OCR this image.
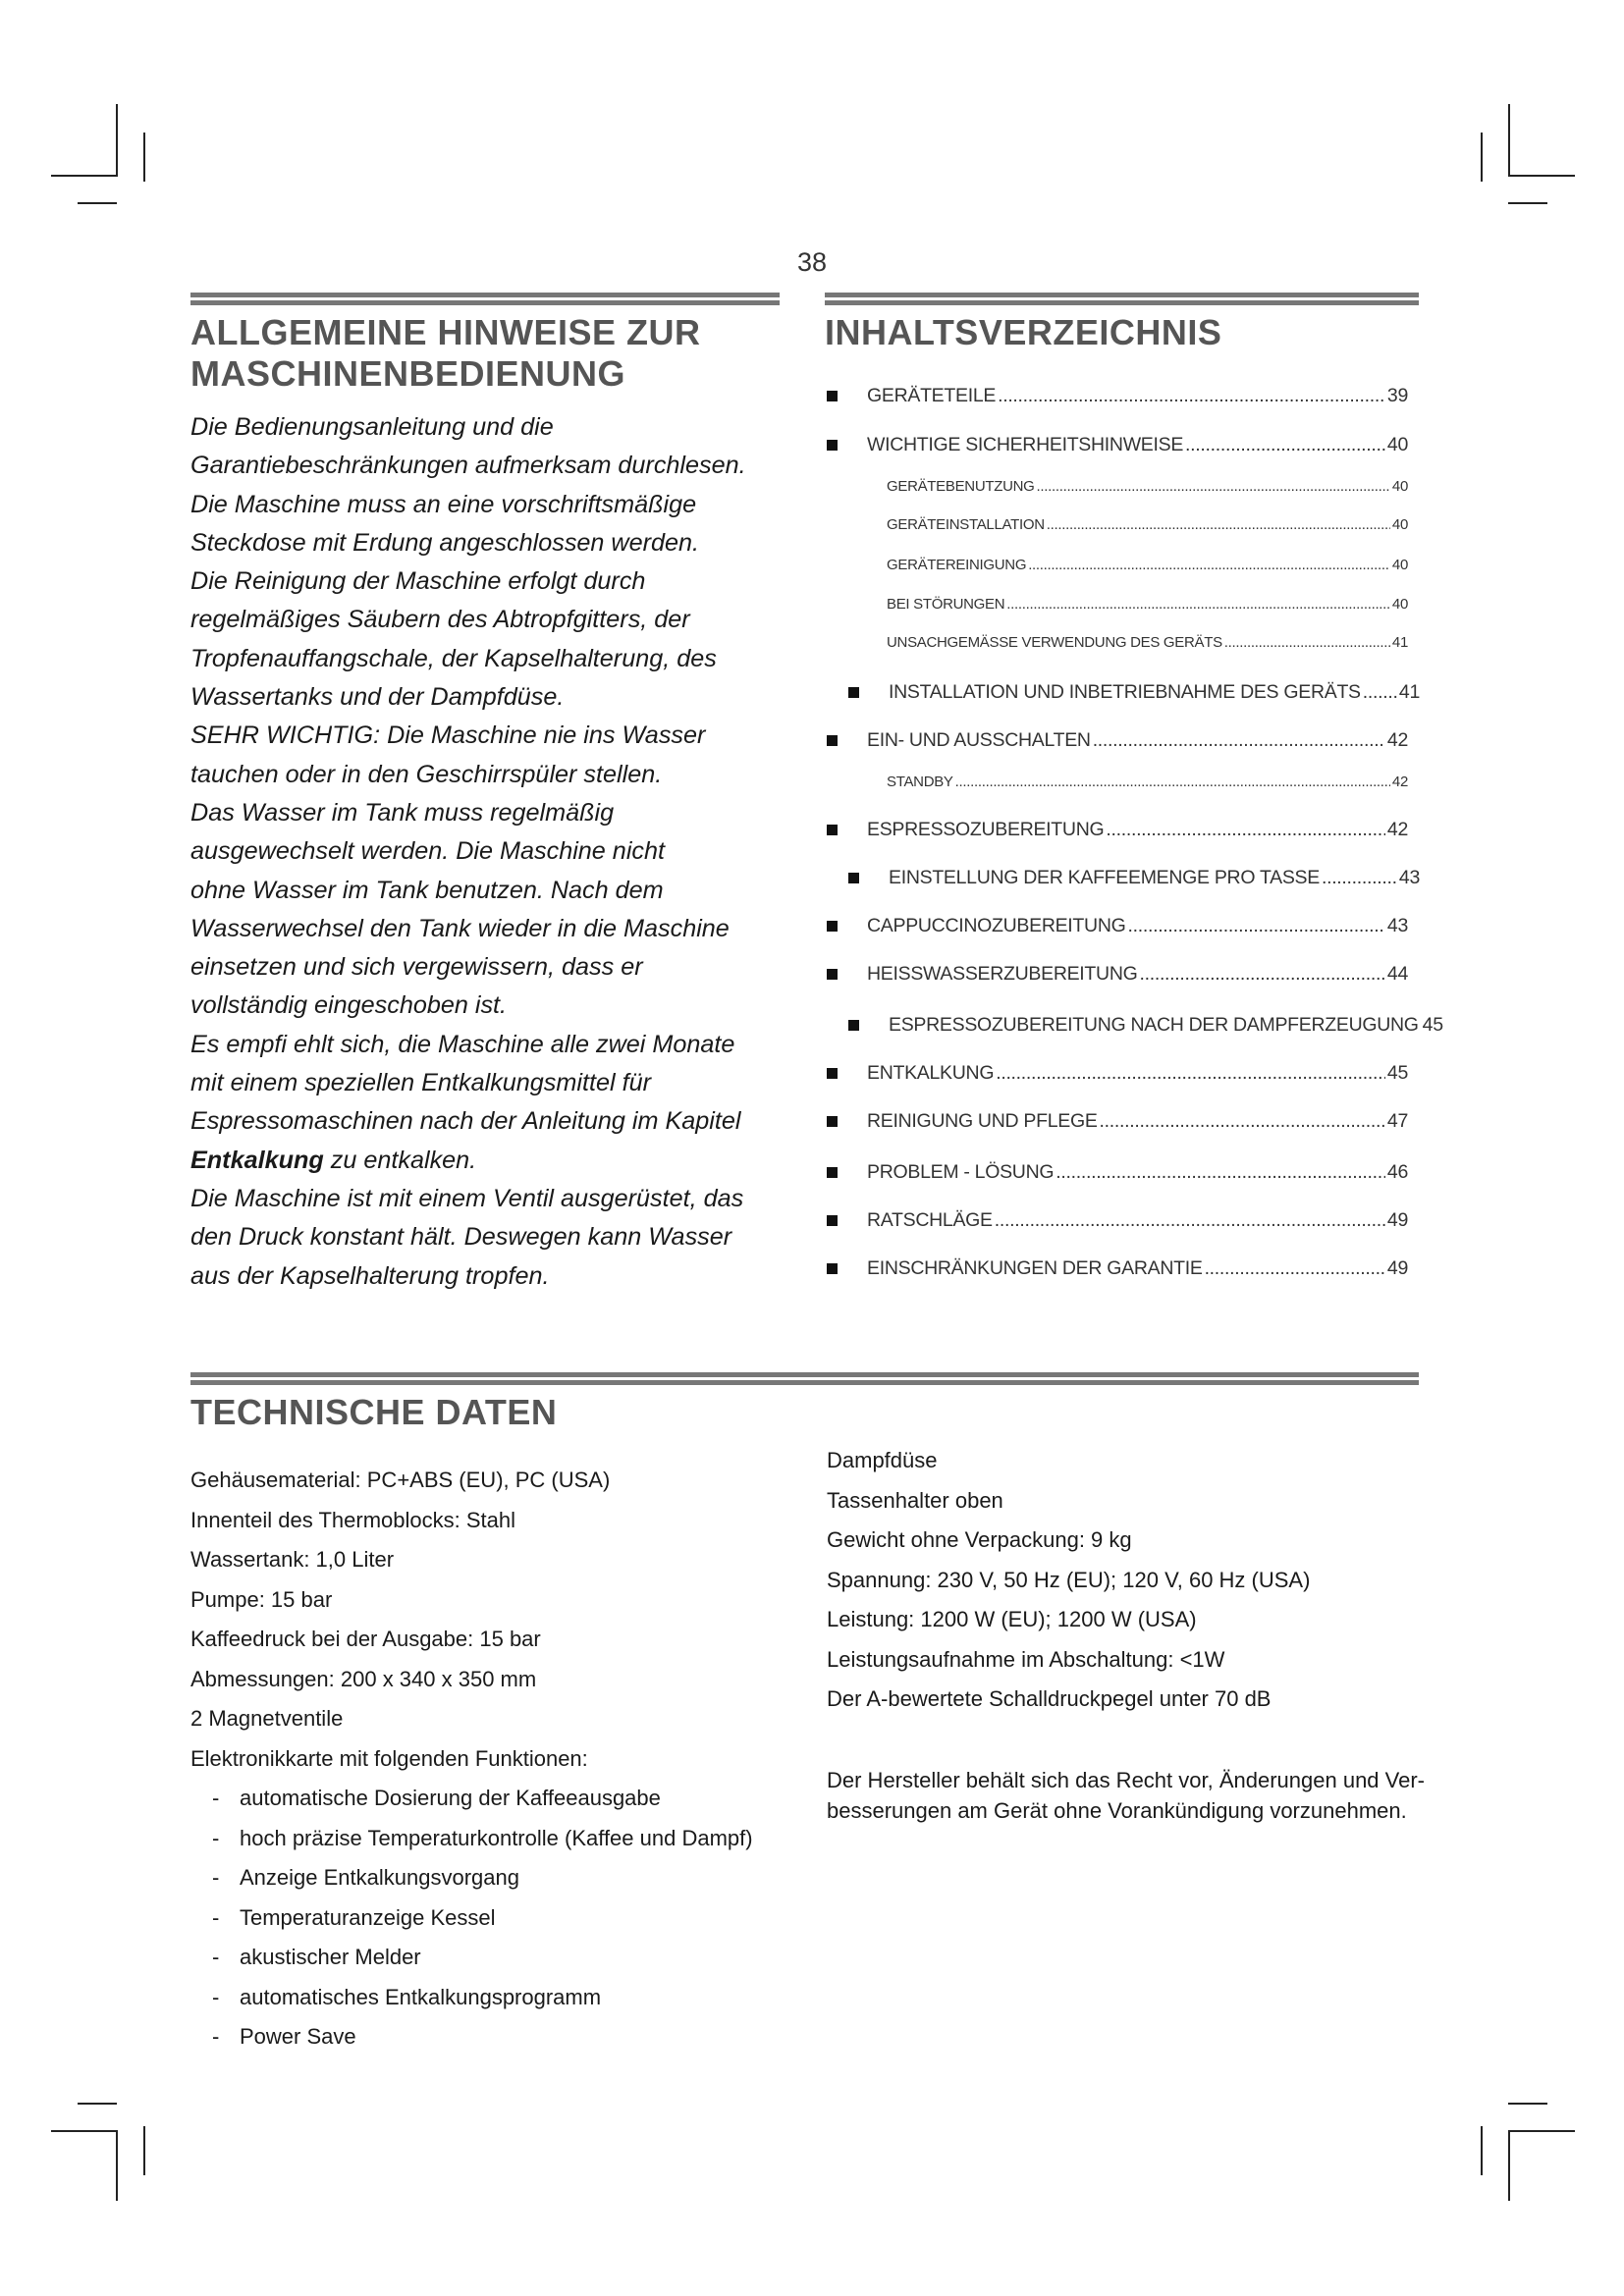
38
ALLGEMEINE HINWEISE ZUR
MASCHINENBEDIENUNG

Die Bedienungsanleitung und die

Garantiebeschränkungen aufmerksam durchlesen.

Die Maschine muss an eine vorschriftsmäßige

Steckdose mit Erdung angeschlossen werden.

Die Reinigung der Maschine erfolgt durch

regelmäßiges Säubern des Abtropfgitters, der

Tropfenauffangschale, der Kapselhalterung, des

Wassertanks und der Dampfdüse.

SEHR WICHTIG: Die Maschine nie ins Wasser

tauchen oder in den Geschirrspüler stellen.

Das Wasser im Tank muss regelmäßig

ausgewechselt werden. Die Maschine nicht

ohne Wasser im Tank benutzen. Nach dem

Wasserwechsel den Tank wieder in die Maschine

einsetzen und sich vergewissern, dass er

vollständig eingeschoben ist.

Es empfi ehlt sich, die Maschine alle zwei Monate

mit einem speziellen Entkalkungsmittel für

Espressomaschinen nach der Anleitung im Kapitel

Entkalkung zu entkalken.

Die Maschine ist mit einem Ventil ausgerüstet, das

den Druck konstant hält. Deswegen kann Wasser

aus der Kapselhalterung tropfen.

INHALTSVERZEICHNIS
GERÄTETEILE .....	39
WICHTIGE SICHERHEITSHINWEISE .....	40
GERÄTEBENUTZUNG .....	40
GERÄTEINSTALLATION .....	40
GERÄTEREINIGUNG .....	40
BEI STÖRUNGEN .....	40
UNSACHGEMÄSSE VERWENDUNG DES GERÄTS .....	41
INSTALLATION UND INBETRIEBNAHME DES GERÄTS ..... 41
EIN- UND AUSSCHALTEN .....	42
STANDBY .....	42
ESPRESSOZUBEREITUNG .....	42
EINSTELLUNG DER KAFFEEMENGE PRO TASSE .....	43
CAPPUCCINOZUBEREITUNG .....	43
HEISSWASSERZUBEREITUNG .....	44
ESPRESSOZUBEREITUNG NACH DER DAMPFERZEUGUNG 45
ENTKALKUNG .....	45
REINIGUNG UND PFLEGE .....	47
PROBLEM - LÖSUNG .....	46
RATSCHLÄGE .....	49
EINSCHRÄNKUNGEN DER GARANTIE .....	49
TECHNISCHE DATEN

Gehäusematerial: PC+ABS (EU), PC (USA)

Innenteil des Thermoblocks: Stahl

Wassertank: 1,0 Liter

Pumpe: 15 bar

Kaffeedruck bei der Ausgabe: 15 bar

Abmessungen: 200 x 340 x 350 mm

2 Magnetventile

Elektronikkarte mit folgenden Funktionen:

- automatische Dosierung der Kaffeeausgabe

- hoch präzise Temperaturkontrolle (Kaffee und Dampf)

- Anzeige Entkalkungsvorgang

- Temperaturanzeige Kessel

- akustischer Melder

- automatisches Entkalkungsprogramm

- Power Save

Dampfdüse

Tassenhalter oben

Gewicht ohne Verpackung: 9 kg

Spannung: 230 V, 50 Hz (EU); 120 V, 60 Hz (USA)

Leistung: 1200 W (EU); 1200 W (USA)

Leistungsaufnahme im Abschaltung: <1W

Der A-bewertete Schalldruckpegel unter 70 dB

Der Hersteller behält sich das Recht vor, Änderungen und Ver-
besserungen am Gerät ohne Vorankündigung vorzunehmen.
